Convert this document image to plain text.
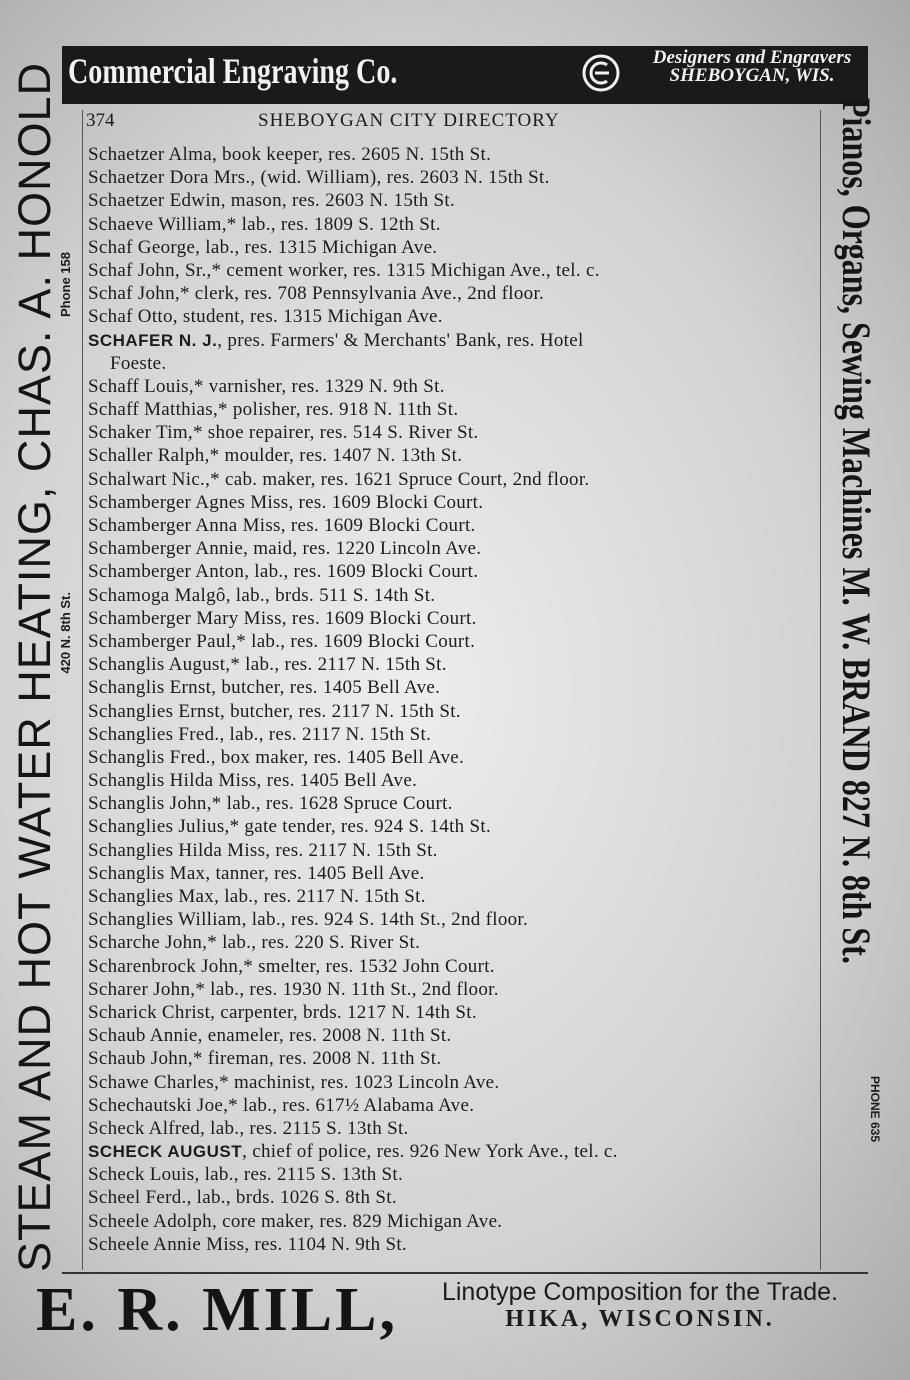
Commercial Engraving Co.	Designers and Engravers
SHEBOYGAN, WIS.
STEAM AND HOT WATER HEATING, CHAS. A. HONOLD
420 N. 8th St.
Phone 158	Pianos, Organs, Sewing Machines M. W. BRAND 827 N. 8th St.
PHONE 635
374	SHEBOYGAN CITY DIRECTORY
Schaetzer Alma, book keeper, res. 2605 N. 15th St.
Schaetzer Dora Mrs., (wid. William), res. 2603 N. 15th St.
Schaetzer Edwin, mason, res. 2603 N. 15th St.
Schaeve William,* lab., res. 1809 S. 12th St.
Schaf George, lab., res. 1315 Michigan Ave.
Schaf John, Sr.,* cement worker, res. 1315 Michigan Ave., tel. c.
Schaf John,* clerk, res. 708 Pennsylvania Ave., 2nd floor.
Schaf Otto, student, res. 1315 Michigan Ave.
SCHAFER N. J., pres. Farmers' & Merchants' Bank, res. Hotel
Foeste.
Schaff Louis,* varnisher, res. 1329 N. 9th St.
Schaff Matthias,* polisher, res. 918 N. 11th St.
Schaker Tim,* shoe repairer, res. 514 S. River St.
Schaller Ralph,* moulder, res. 1407 N. 13th St.
Schalwart Nic.,* cab. maker, res. 1621 Spruce Court, 2nd floor.
Schamberger Agnes Miss, res. 1609 Blocki Court.
Schamberger Anna Miss, res. 1609 Blocki Court.
Schamberger Annie, maid, res. 1220 Lincoln Ave.
Schamberger Anton, lab., res. 1609 Blocki Court.
Schamoga Malgô, lab., brds. 511 S. 14th St.
Schamberger Mary Miss, res. 1609 Blocki Court.
Schamberger Paul,* lab., res. 1609 Blocki Court.
Schanglis August,* lab., res. 2117 N. 15th St.
Schanglis Ernst, butcher, res. 1405 Bell Ave.
Schanglies Ernst, butcher, res. 2117 N. 15th St.
Schanglies Fred., lab., res. 2117 N. 15th St.
Schanglis Fred., box maker, res. 1405 Bell Ave.
Schanglis Hilda Miss, res. 1405 Bell Ave.
Schanglis John,* lab., res. 1628 Spruce Court.
Schanglies Julius,* gate tender, res. 924 S. 14th St.
Schanglies Hilda Miss, res. 2117 N. 15th St.
Schanglis Max, tanner, res. 1405 Bell Ave.
Schanglies Max, lab., res. 2117 N. 15th St.
Schanglies William, lab., res. 924 S. 14th St., 2nd floor.
Scharche John,* lab., res. 220 S. River St.
Scharenbrock John,* smelter, res. 1532 John Court.
Scharer John,* lab., res. 1930 N. 11th St., 2nd floor.
Scharick Christ, carpenter, brds. 1217 N. 14th St.
Schaub Annie, enameler, res. 2008 N. 11th St.
Schaub John,* fireman, res. 2008 N. 11th St.
Schawe Charles,* machinist, res. 1023 Lincoln Ave.
Schechautski Joe,* lab., res. 617½ Alabama Ave.
Scheck Alfred, lab., res. 2115 S. 13th St.
SCHECK AUGUST, chief of police, res. 926 New York Ave., tel. c.
Scheck Louis, lab., res. 2115 S. 13th St.
Scheel Ferd., lab., brds. 1026 S. 8th St.
Scheele Adolph, core maker, res. 829 Michigan Ave.
Scheele Annie Miss, res. 1104 N. 9th St.
E. R. MILL,	Linotype Composition for the Trade.
HIKA, WISCONSIN.
